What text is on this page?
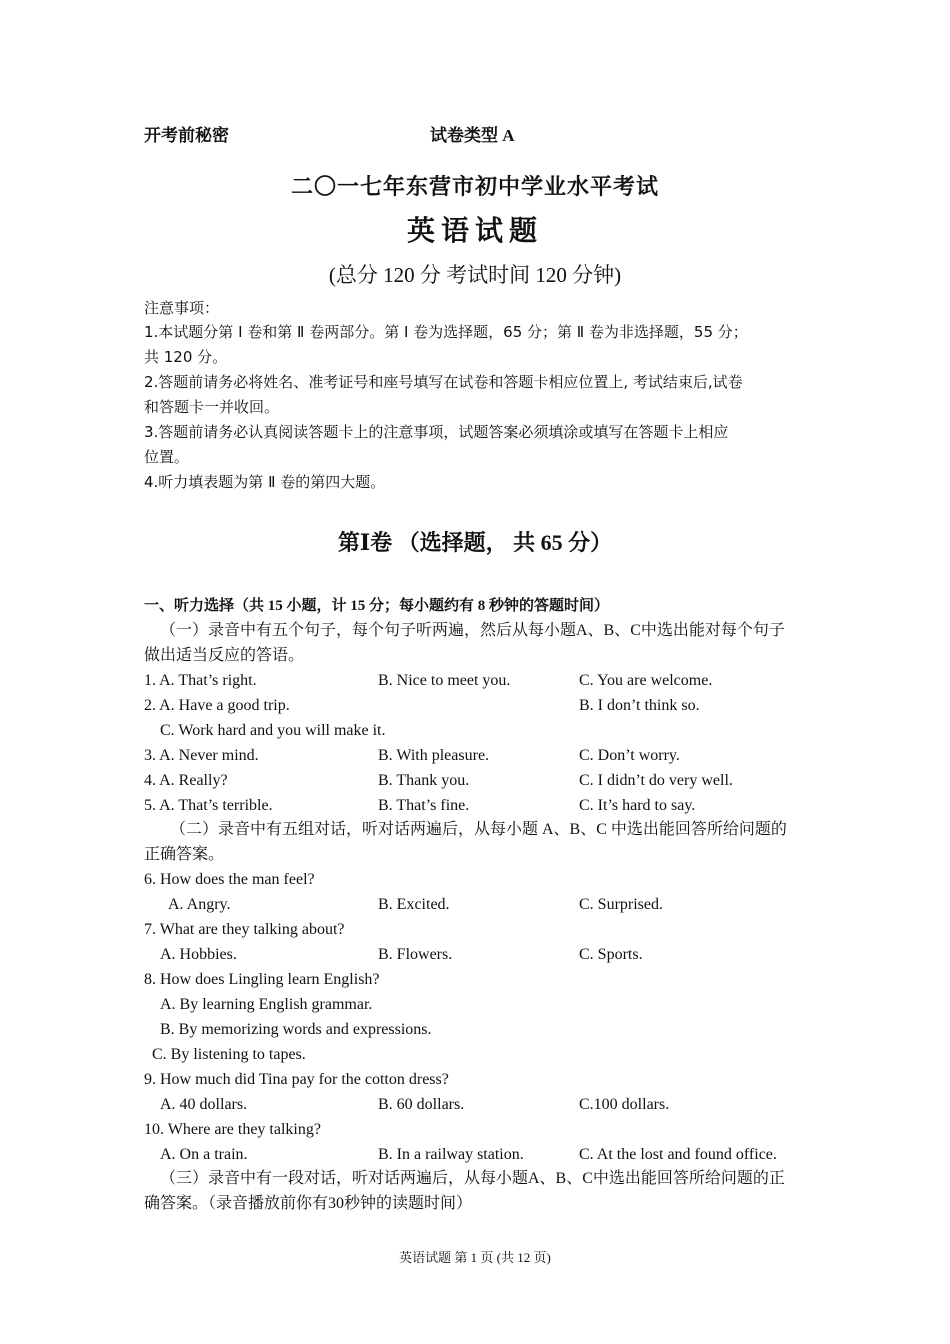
开考前秘密	试卷类型 A
二〇一七年东营市初中学业水平考试
英语试题
(总分 120 分 考试时间 120 分钟)
注意事项：
1.本试题分第 Ⅰ 卷和第 Ⅱ 卷两部分。第 Ⅰ 卷为选择题，65 分；第 Ⅱ 卷为非选择题，55 分；
共 120 分。
2.答题前请务必将姓名、准考证号和座号填写在试卷和答题卡相应位置上, 考试结束后,试卷
和答题卡一并收回。
3.答题前请务必认真阅读答题卡上的注意事项，试题答案必须填涂或填写在答题卡上相应
位置。
4.听力填表题为第 Ⅱ 卷的第四大题。
第Ⅰ卷 （选择题， 共 65 分）
一、听力选择（共 15 小题，计 15 分；每小题约有 8 秒钟的答题时间）
（一）录音中有五个句子，每个句子听两遍，然后从每小题A、B、C中选出能对每个句子
做出适当反应的答语。
1. A. That’s right.	B. Nice to meet you.	C. You are welcome.
2. A. Have a good trip.	B. I don’t think so.
C. Work hard and you will make it.
3. A. Never mind.	B. With pleasure.	C. Don’t worry.
4. A. Really?	B. Thank you.	C. I didn’t do very well.
5. A. That’s terrible.	B. That’s fine.	C. It’s hard to say.
（二）录音中有五组对话，听对话两遍后，从每小题 A、B、C 中选出能回答所给问题的
正确答案。
6. How does the man feel?
A. Angry.	B. Excited.	C. Surprised.
7. What are they talking about?
A. Hobbies.	B. Flowers.	C. Sports.
8. How does Lingling learn English?
A. By learning English grammar.
B. By memorizing words and expressions.
C. By listening to tapes.
9. How much did Tina pay for the cotton dress?
A. 40 dollars.	B. 60 dollars.	C.100 dollars.
10. Where are they talking?
A. On a train.	B. In a railway station.	C. At the lost and found office.
（三）录音中有一段对话，听对话两遍后，从每小题A、B、C中选出能回答所给问题的正
确答案。（录音播放前你有30秒钟的读题时间）
英语试题 第 1 页 (共 12 页)
